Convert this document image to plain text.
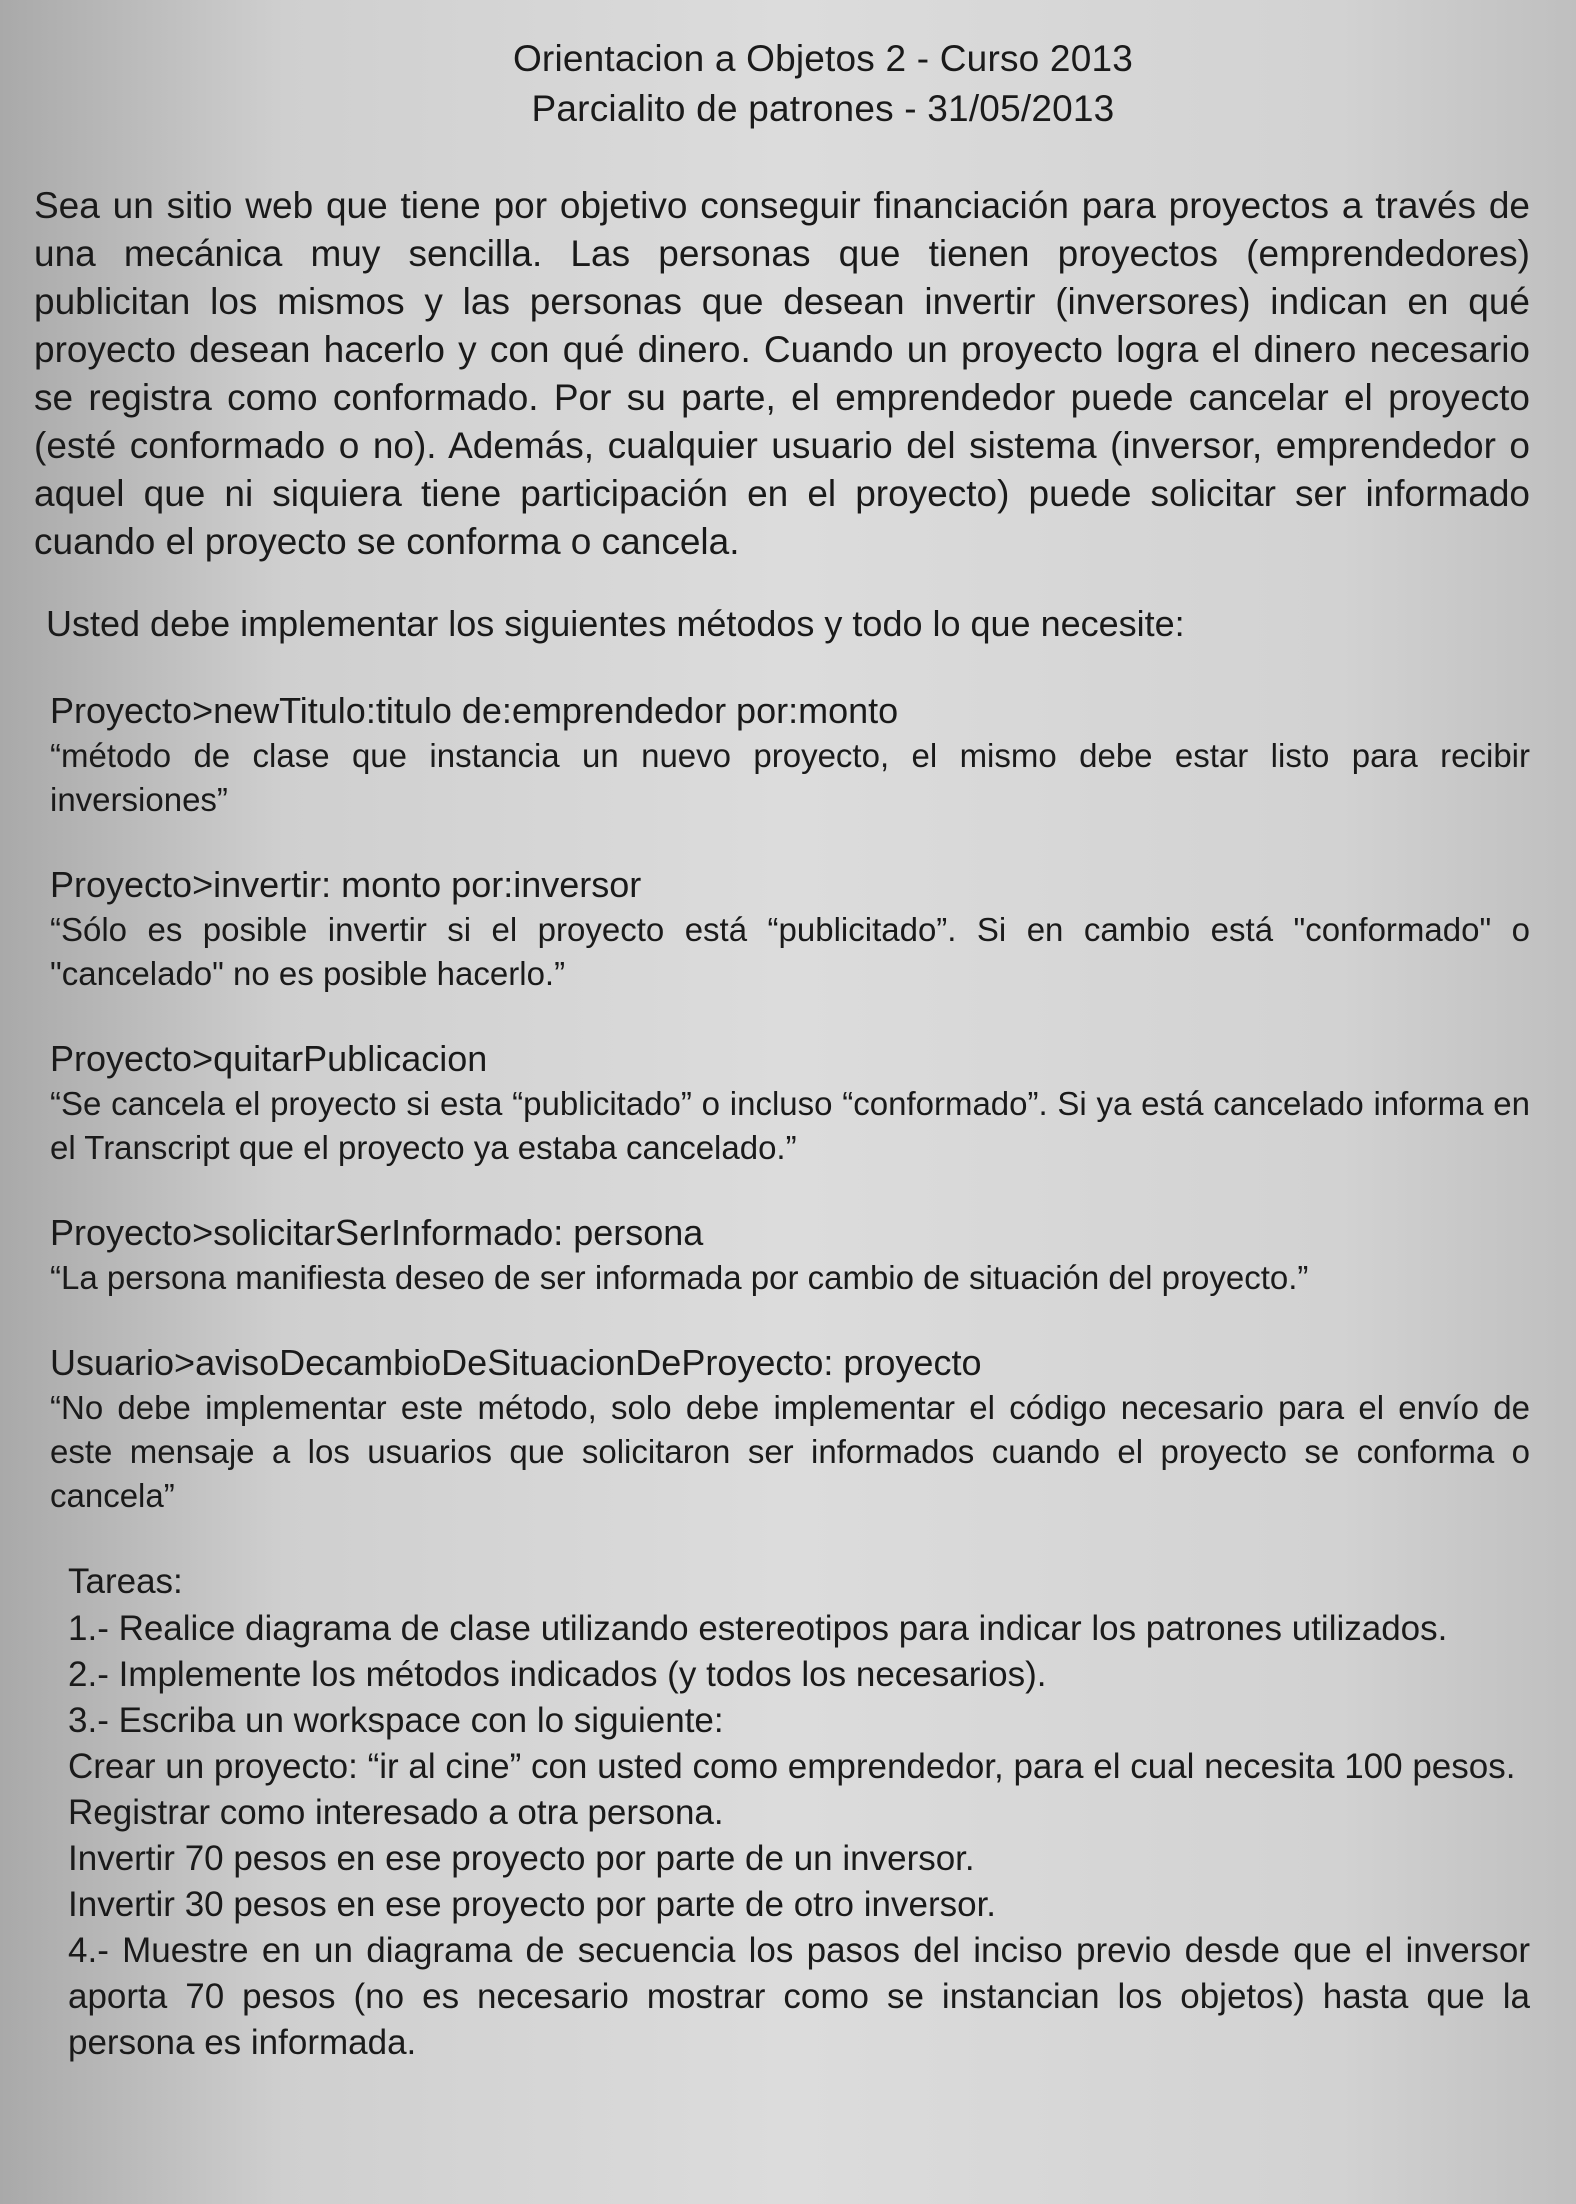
Orientacion a Objetos 2 - Curso 2013
Parcialito de patrones - 31/05/2013

Sea un sitio web que tiene por objetivo conseguir financiación para proyectos a través de una mecánica muy sencilla. Las personas que tienen proyectos (emprendedores) publicitan los mismos y las personas que desean invertir (inversores) indican en qué proyecto desean hacerlo y con qué dinero. Cuando un proyecto logra el dinero necesario se registra como conformado. Por su parte, el emprendedor puede cancelar el proyecto (esté conformado o no). Además, cualquier usuario del sistema (inversor, emprendedor o aquel que ni siquiera tiene participación en el proyecto) puede solicitar ser informado cuando el proyecto se conforma o cancela.

Usted debe implementar los siguientes métodos y todo lo que necesite:
Proyecto>newTitulo:titulo de:emprendedor por:monto
“método de clase que instancia un nuevo proyecto, el mismo debe estar listo para recibir inversiones”
Proyecto>invertir: monto por:inversor
“Sólo es posible invertir si el proyecto está “publicitado”. Si en cambio está "conformado" o "cancelado" no es posible hacerlo.”
Proyecto>quitarPublicacion
“Se cancela el proyecto si esta “publicitado” o incluso “conformado”. Si ya está cancelado informa en el Transcript que el proyecto ya estaba cancelado.”
Proyecto>solicitarSerInformado: persona
“La persona manifiesta deseo de ser informada por cambio de situación del proyecto.”
Usuario>avisoDecambioDeSituacionDeProyecto: proyecto
“No debe implementar este método, solo debe implementar el código necesario para el envío de este mensaje a los usuarios que solicitaron ser informados cuando el proyecto se conforma o cancela”
Tareas:
1.- Realice diagrama de clase utilizando estereotipos para indicar los patrones utilizados.
2.- Implemente los métodos indicados (y todos los necesarios).
3.- Escriba un workspace con lo siguiente:
Crear un proyecto: “ir al cine” con usted como emprendedor, para el cual necesita 100 pesos.
Registrar como interesado a otra persona.
Invertir 70 pesos en ese proyecto por parte de un inversor.
Invertir 30 pesos en ese proyecto por parte de otro inversor.
4.- Muestre en un diagrama de secuencia los pasos del inciso previo desde que el inversor aporta 70 pesos (no es necesario mostrar como se instancian los objetos) hasta que la persona es informada.
